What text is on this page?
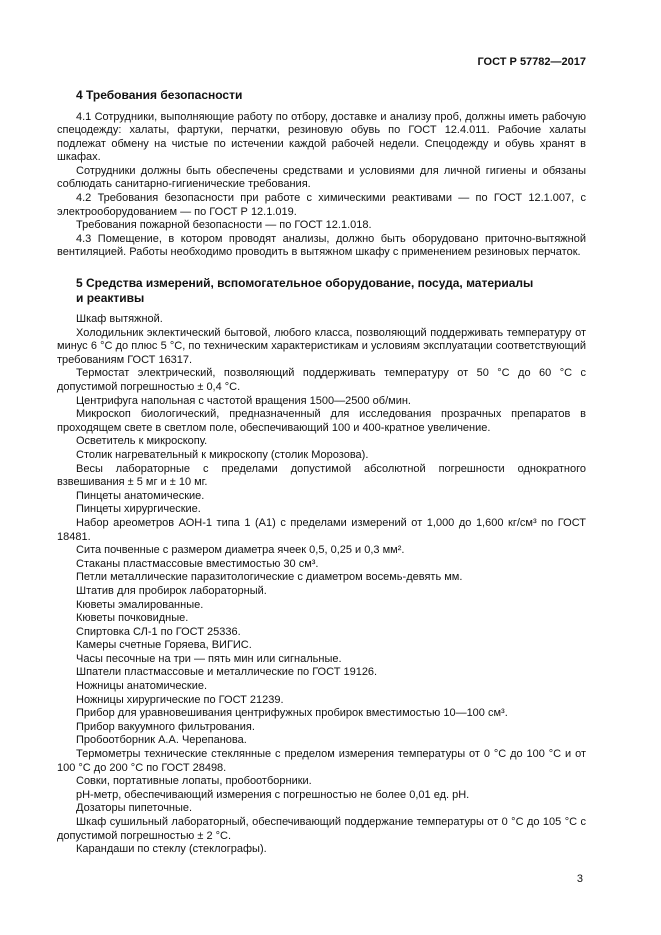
ГОСТ Р 57782—2017
4 Требования безопасности

4.1 Сотрудники, выполняющие работу по отбору, доставке и анализу проб, должны иметь рабочую спецодежду: халаты, фартуки, перчатки, резиновую обувь по ГОСТ 12.4.011. Рабочие халаты подлежат обмену на чистые по истечении каждой рабочей недели. Спецодежду и обувь хранят в шкафах.

Сотрудники должны быть обеспечены средствами и условиями для личной гигиены и обязаны соблюдать санитарно-гигиенические требования.

4.2 Требования безопасности при работе с химическими реактивами — по ГОСТ 12.1.007, с электрооборудованием — по ГОСТ Р 12.1.019.

Требования пожарной безопасности — по ГОСТ 12.1.018.

4.3 Помещение, в котором проводят анализы, должно быть оборудовано приточно-вытяжной вентиляцией. Работы необходимо проводить в вытяжном шкафу с применением резиновых перчаток.

5 Средства измерений, вспомогательное оборудование, посуда, материалы и реактивы

Шкаф вытяжной.

Холодильник эклектический бытовой, любого класса, позволяющий поддерживать температуру от минус 6 °С до плюс 5 °С, по техническим характеристикам и условиям эксплуатации соответствующий требованиям ГОСТ 16317.

Термостат электрический, позволяющий поддерживать температуру от 50 °С до 60 °С с допустимой погрешностью ± 0,4 °С.

Центрифуга напольная с частотой вращения 1500—2500 об/мин.

Микроскоп биологический, предназначенный для исследования прозрачных препаратов в проходящем свете в светлом поле, обеспечивающий 100 и 400-кратное увеличение.

Осветитель к микроскопу.

Столик нагревательный к микроскопу (столик Морозова).

Весы лабораторные с пределами допустимой абсолютной погрешности однократного взвешивания ± 5 мг и ± 10 мг.

Пинцеты анатомические.

Пинцеты хирургические.

Набор ареометров АОН-1 типа 1 (А1) с пределами измерений от 1,000 до 1,600 кг/см³ по ГОСТ 18481.

Сита почвенные с размером диаметра ячеек 0,5, 0,25 и 0,3 мм².

Стаканы пластмассовые вместимостью 30 см³.

Петли металлические паразитологические с диаметром восемь-девять мм.

Штатив для пробирок лабораторный.

Кюветы эмалированные.

Кюветы почковидные.

Спиртовка СЛ-1 по ГОСТ 25336.

Камеры счетные Горяева, ВИГИС.

Часы песочные на три — пять мин или сигнальные.

Шпатели пластмассовые и металлические по ГОСТ 19126.

Ножницы анатомические.

Ножницы хирургические по ГОСТ 21239.

Прибор для уравновешивания центрифужных пробирок вместимостью 10—100 см³.

Прибор вакуумного фильтрования.

Пробоотборник А.А. Черепанова.

Термометры технические стеклянные с пределом измерения температуры от 0 °С до 100 °С и от 100 °С до 200 °С по ГОСТ 28498.

Совки, портативные лопаты, пробоотборники.

рН-метр, обеспечивающий измерения с погрешностью не более 0,01 ед. рН.

Дозаторы пипеточные.

Шкаф сушильный лабораторный, обеспечивающий поддержание температуры от 0 °С до 105 °С с допустимой погрешностью ± 2 °С.

Карандаши по стеклу (стеклографы).

3
